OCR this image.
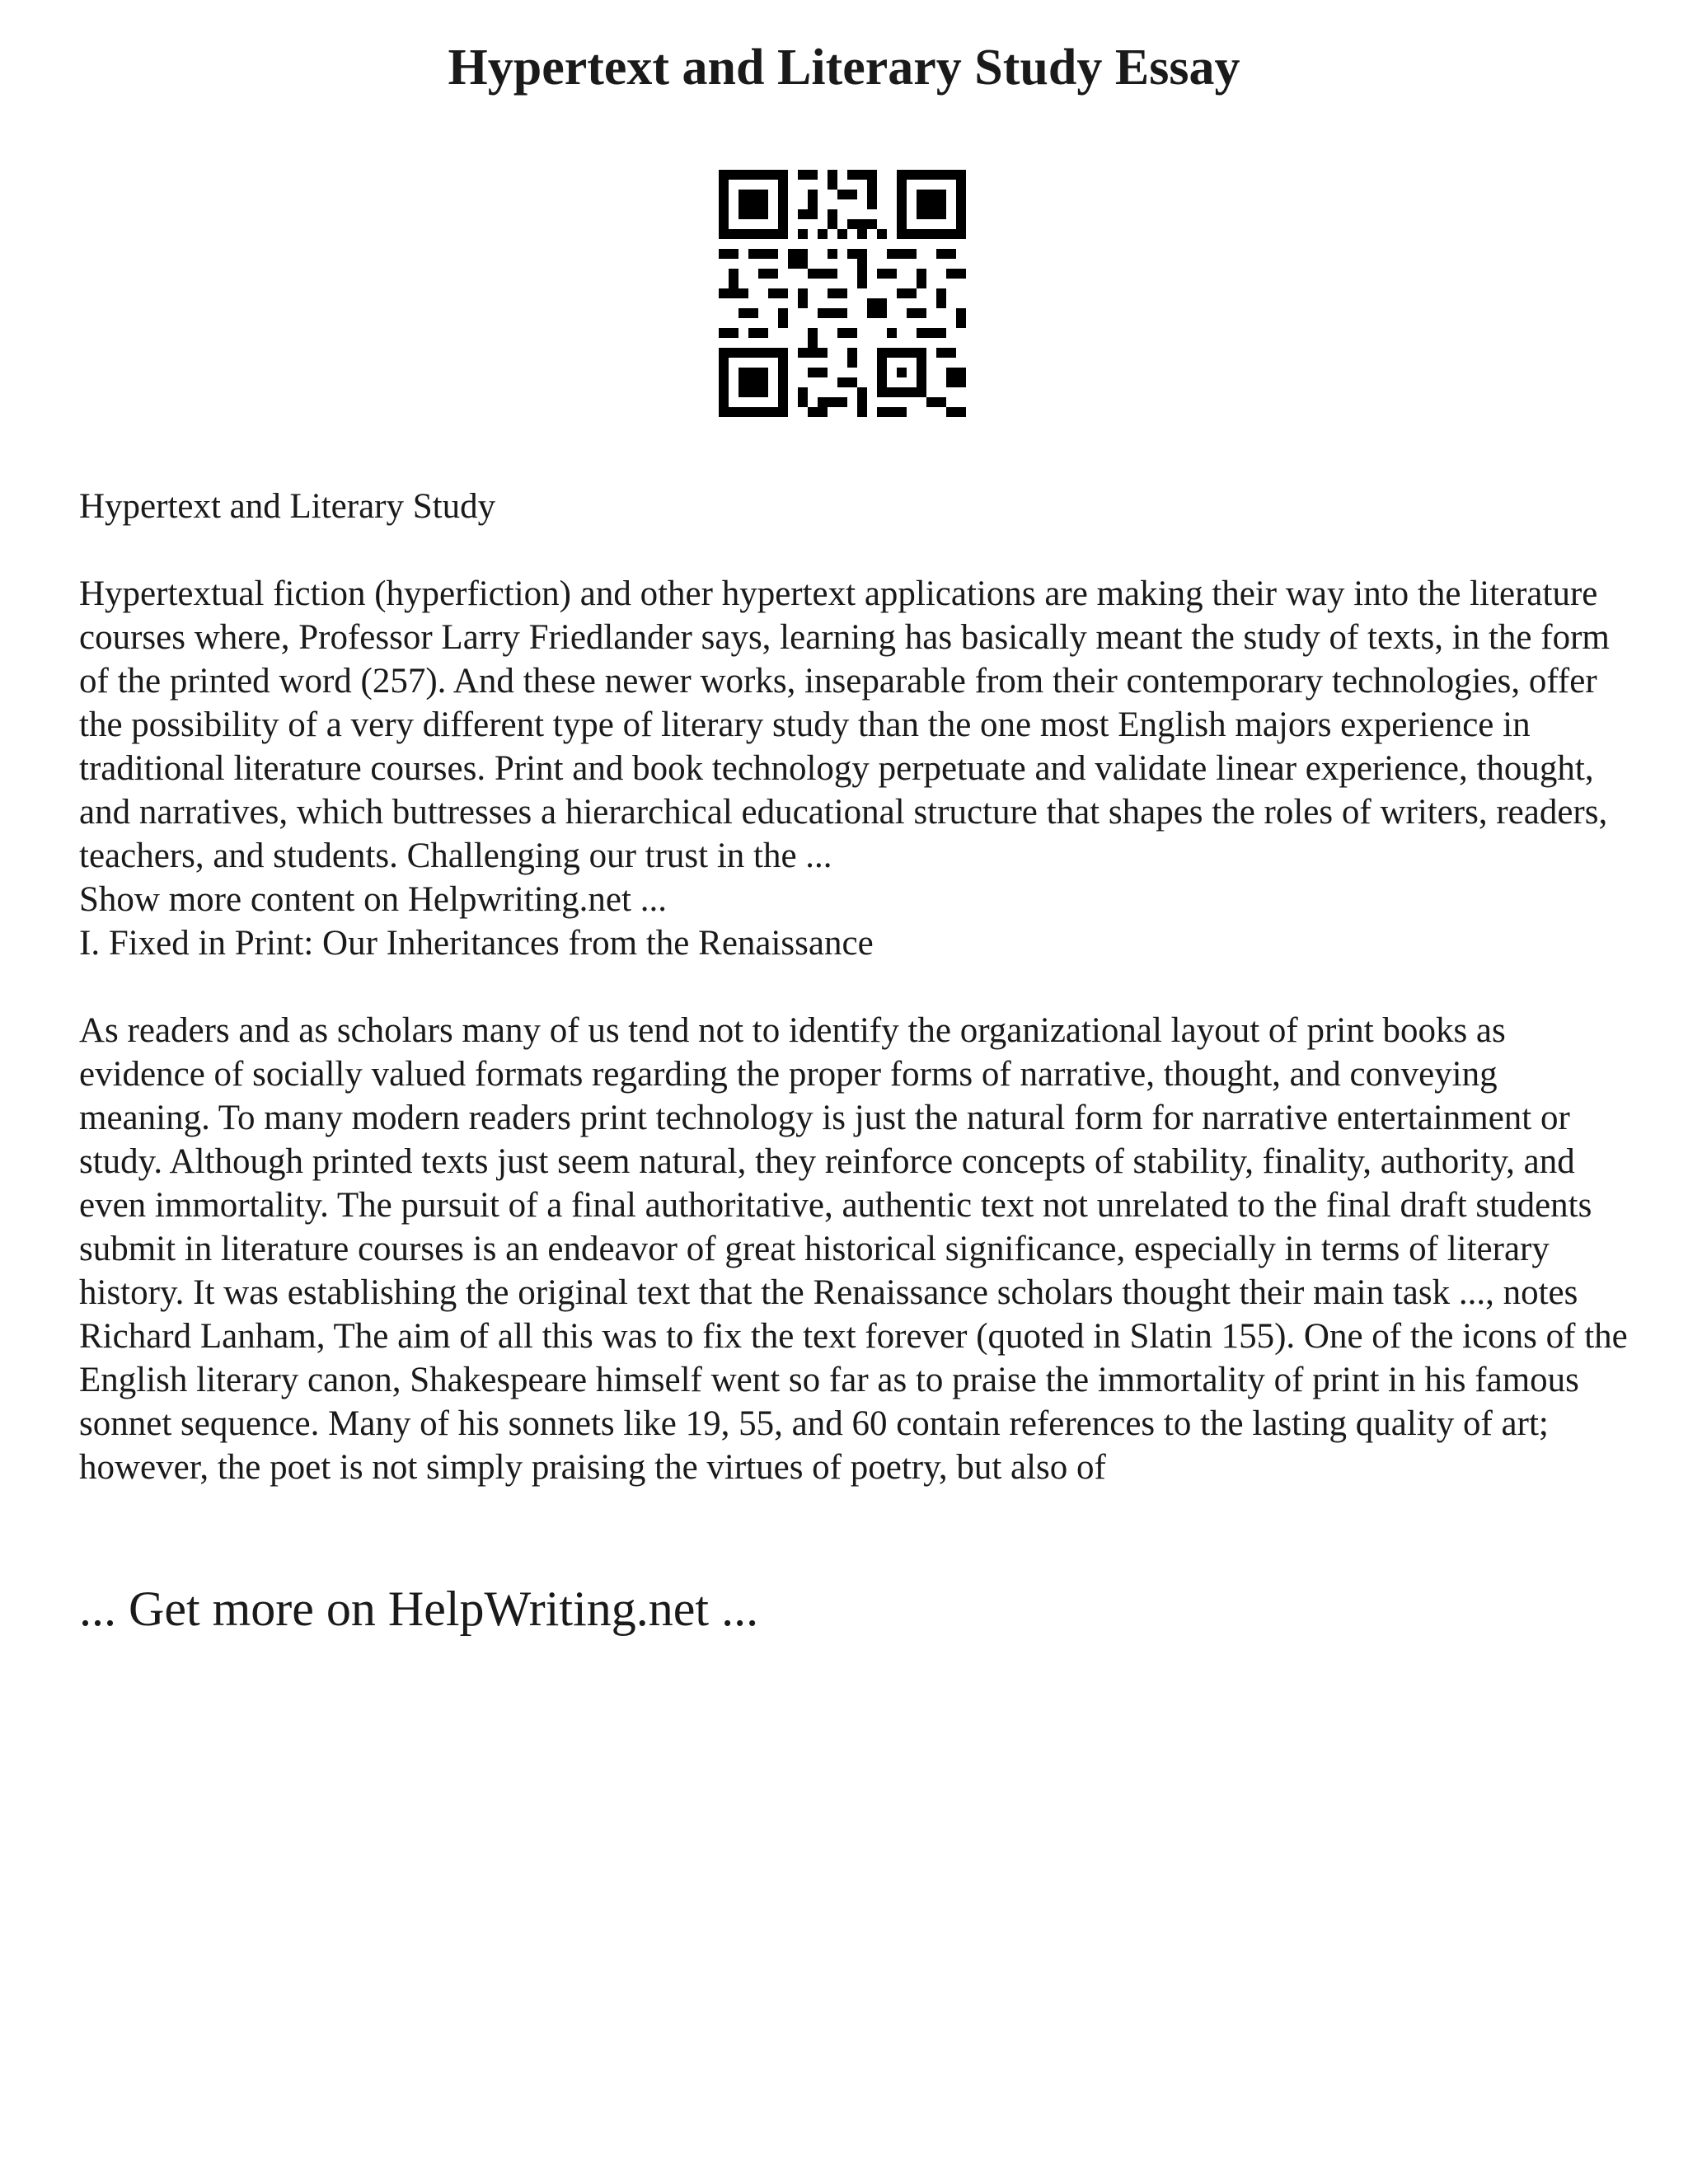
Hypertext and Literary Study Essay

Hypertext and Literary Study

Hypertextual fiction (hyperfiction) and other hypertext applications are making their way into the literature courses where, Professor Larry Friedlander says, learning has basically meant the study of texts, in the form of the printed word (257). And these newer works, inseparable from their contemporary technologies, offer the possibility of a very different type of literary study than the one most English majors experience in traditional literature courses. Print and book technology perpetuate and validate linear experience, thought, and narratives, which buttresses a hierarchical educational structure that shapes the roles of writers, readers, teachers, and students. Challenging our trust in the ...

Show more content on Helpwriting.net ...

I. Fixed in Print: Our Inheritances from the Renaissance

As readers and as scholars many of us tend not to identify the organizational layout of print books as evidence of socially valued formats regarding the proper forms of narrative, thought, and conveying meaning. To many modern readers print technology is just the natural form for narrative entertainment or study. Although printed texts just seem natural, they reinforce concepts of stability, finality, authority, and even immortality. The pursuit of a final authoritative, authentic text not unrelated to the final draft students submit in literature courses is an endeavor of great historical significance, especially in terms of literary history. It was establishing the original text that the Renaissance scholars thought their main task ..., notes Richard Lanham, The aim of all this was to fix the text forever (quoted in Slatin 155). One of the icons of the English literary canon, Shakespeare himself went so far as to praise the immortality of print in his famous sonnet sequence. Many of his sonnets like 19, 55, and 60 contain references to the lasting quality of art; however, the poet is not simply praising the virtues of poetry, but also of

... Get more on HelpWriting.net ...
